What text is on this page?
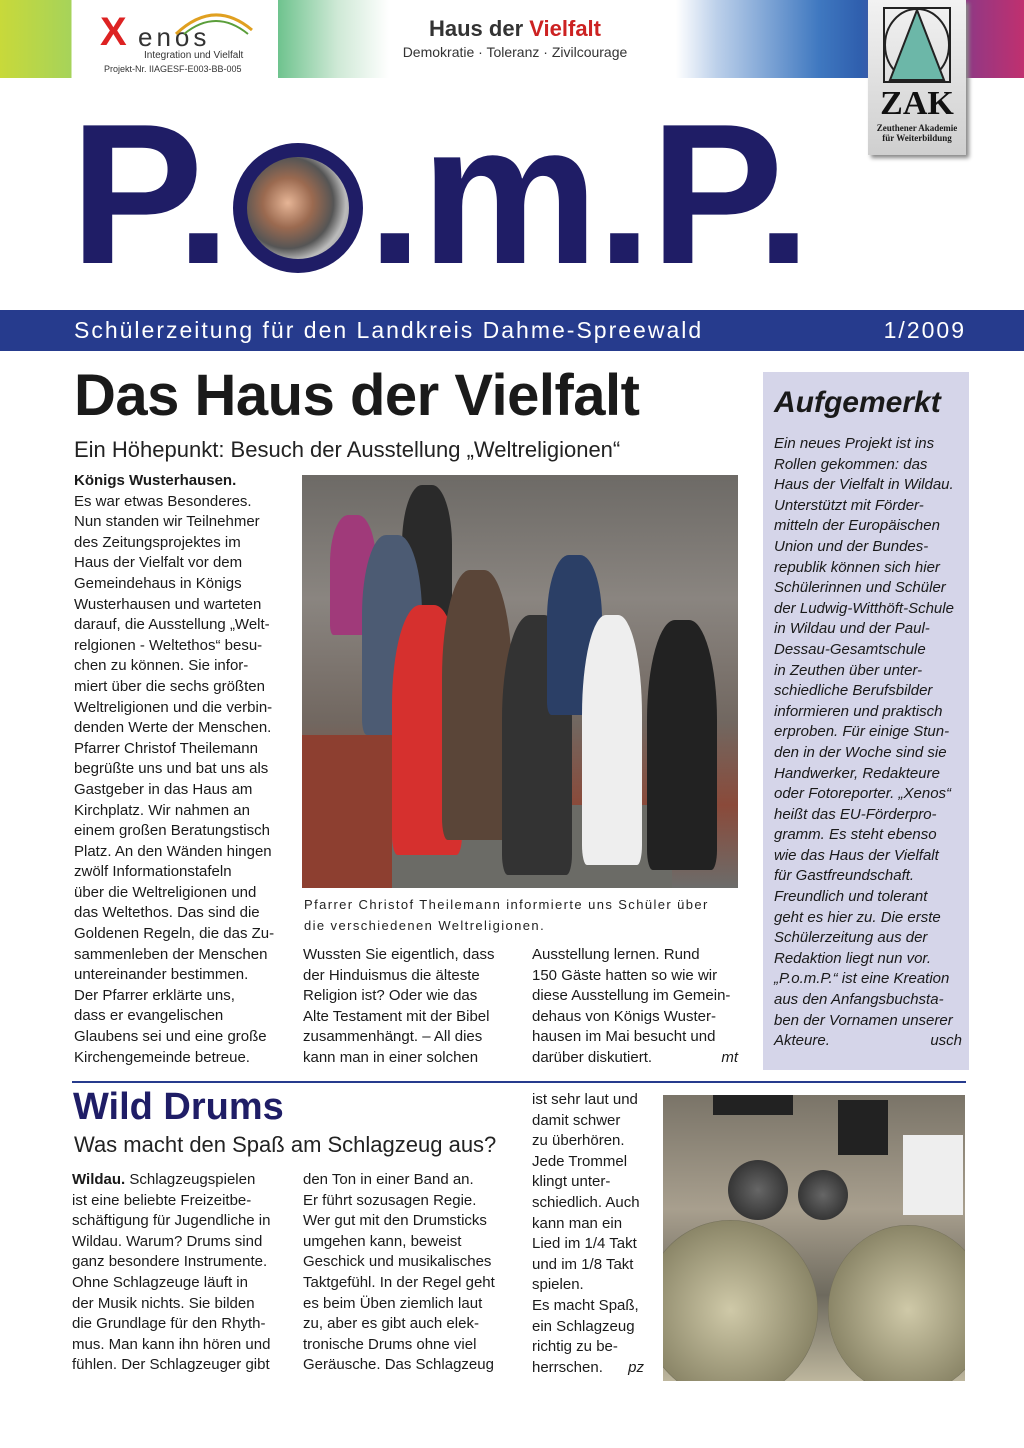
X enos
Integration und Vielfalt
Projekt-Nr. IIAGESF-E003-BB-005
Haus der Vielfalt
Demokratie · Toleranz · Zivilcourage
ZAK
Zeuthener Akademie
für Weiterbildung
P. .m.P.
Schülerzeitung für den Landkreis Dahme-Spreewald	1/2009
Das Haus der Vielfalt
Ein Höhepunkt: Besuch der Ausstellung „Weltreligionen“
Königs Wusterhausen.
Es war etwas Besonderes.
Nun standen wir Teilnehmer
des Zeitungsprojektes im
Haus der Vielfalt vor dem
Gemeindehaus in Königs
Wusterhausen und warteten
darauf, die Ausstellung „Welt-
relgionen - Weltethos“ besu-
chen zu können. Sie infor-
miert über die sechs größten
Weltreligionen und die verbin-
denden Werte der Menschen.
Pfarrer Christof Theilemann
begrüßte uns und bat uns als
Gastgeber in das Haus am
Kirchplatz. Wir nahmen an
einem großen Beratungstisch
Platz. An den Wänden hingen
zwölf Informationstafeln
über die Weltreligionen und
das Weltethos. Das sind die
Goldenen Regeln, die das Zu-
sammenleben der Menschen
untereinander bestimmen.
Der Pfarrer erklärte uns,
dass er evangelischen
Glaubens sei und eine große
Kirchengemeinde betreue.
Pfarrer Christof Theilemann informierte uns Schüler über
die verschiedenen Weltreligionen.
Wussten Sie eigentlich, dass
der Hinduismus die älteste
Religion ist? Oder wie das
Alte Testament mit der Bibel
zusammenhängt. – All dies
kann man in einer solchen
Ausstellung lernen. Rund
150 Gäste hatten so wie wir
diese Ausstellung im Gemein-
dehaus von Königs Wuster-
hausen im Mai besucht und
mt
darüber diskutiert.
Aufgemerkt
Ein neues Projekt ist ins
Rollen gekommen: das
Haus der Vielfalt in Wildau.
Unterstützt mit Förder-
mitteln der Europäischen
Union und der Bundes-
republik können sich hier
Schülerinnen und Schüler
der Ludwig-Witthöft-Schule
in Wildau und der Paul-
Dessau-Gesamtschule
in Zeuthen über unter-
schiedliche Berufsbilder
informieren und praktisch
erproben. Für einige Stun-
den in der Woche sind sie
Handwerker, Redakteure
oder Fotoreporter. „Xenos“
heißt das EU-Förderpro-
gramm. Es steht ebenso
wie das Haus der Vielfalt
für Gastfreundschaft.
Freundlich und tolerant
geht es hier zu. Die erste
Schülerzeitung aus der
Redaktion liegt nun vor.
„P.o.m.P.“ ist eine Kreation
aus den Anfangsbuchsta-
ben der Vornamen unserer
usch
Akteure.
Wild Drums
Was macht den Spaß am Schlagzeug aus?
Wildau. Schlagzeugspielen
ist eine beliebte Freizeitbe-
schäftigung für Jugendliche in
Wildau. Warum? Drums sind
ganz besondere Instrumente.
Ohne Schlagzeuge läuft in
der Musik nichts. Sie bilden
die Grundlage für den Rhyth-
mus. Man kann ihn hören und
fühlen. Der Schlagzeuger gibt
den Ton in einer Band an.
Er führt sozusagen Regie.
Wer gut mit den Drumsticks
umgehen kann, beweist
Geschick und musikalisches
Taktgefühl. In der Regel geht
es beim Üben ziemlich laut
zu, aber es gibt auch elek-
tronische Drums ohne viel
Geräusche. Das Schlagzeug
ist sehr laut und
damit schwer
zu überhören.
Jede Trommel
klingt unter-
schiedlich. Auch
kann man ein
Lied im 1/4 Takt
und im 1/8 Takt
spielen.
Es macht Spaß,
ein Schlagzeug
richtig zu be-
pz
herrschen.
